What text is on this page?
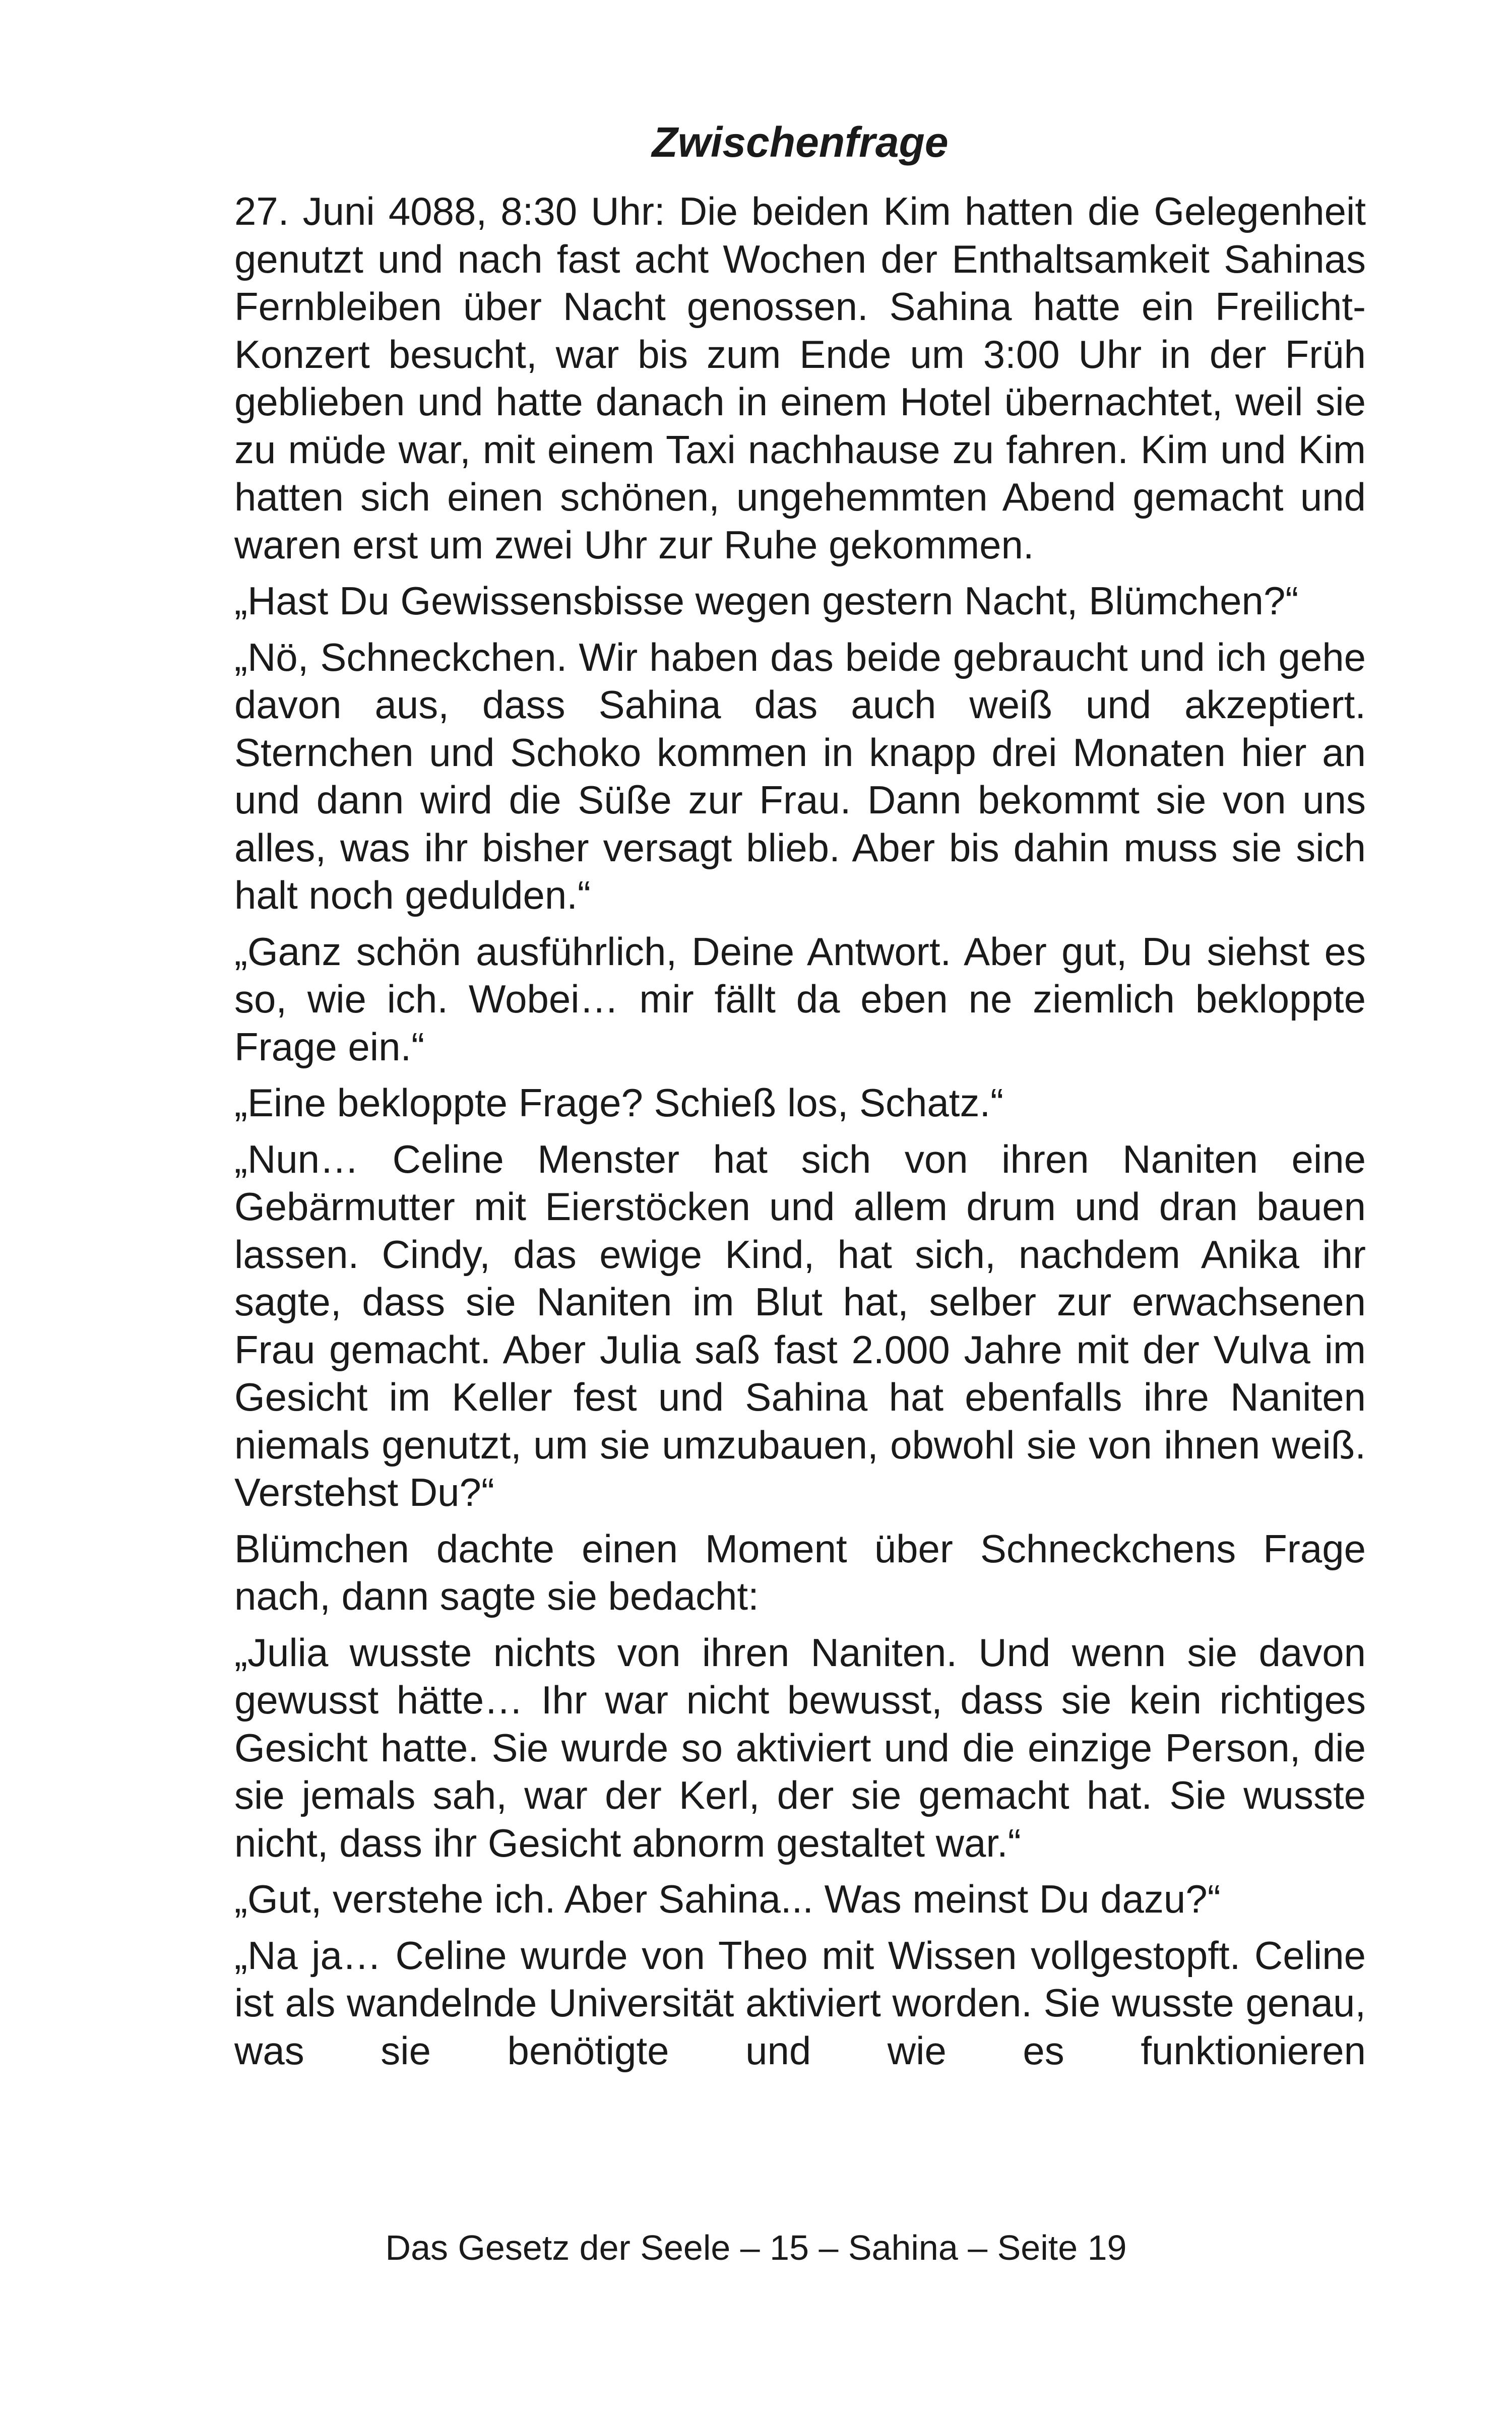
Zwischenfrage

27. Juni 4088, 8:30 Uhr: Die beiden Kim hatten die Gelegenheit genutzt und nach fast acht Wochen der Enthaltsamkeit Sahinas Fernbleiben über Nacht genossen. Sahina hatte ein Freilicht-Konzert besucht, war bis zum Ende um 3:00 Uhr in der Früh geblieben und hatte danach in einem Hotel übernachtet, weil sie zu müde war, mit einem Taxi nachhause zu fahren. Kim und Kim hatten sich einen schönen, ungehemmten Abend gemacht und waren erst um zwei Uhr zur Ruhe gekommen.

„Hast Du Gewissensbisse wegen gestern Nacht, Blümchen?“

„Nö, Schneckchen. Wir haben das beide gebraucht und ich gehe davon aus, dass Sahina das auch weiß und akzeptiert. Sternchen und Schoko kommen in knapp drei Monaten hier an und dann wird die Süße zur Frau. Dann bekommt sie von uns alles, was ihr bisher versagt blieb. Aber bis dahin muss sie sich halt noch gedulden.“

„Ganz schön ausführlich, Deine Antwort. Aber gut, Du siehst es so, wie ich. Wobei… mir fällt da eben ne ziemlich bekloppte Frage ein.“

„Eine bekloppte Frage? Schieß los, Schatz.“

„Nun… Celine Menster hat sich von ihren Naniten eine Gebärmutter mit Eierstöcken und allem drum und dran bauen lassen. Cindy, das ewige Kind, hat sich, nachdem Anika ihr sagte, dass sie Naniten im Blut hat, selber zur erwachsenen Frau gemacht. Aber Julia saß fast 2.000 Jahre mit der Vulva im Gesicht im Keller fest und Sahina hat ebenfalls ihre Naniten niemals genutzt, um sie umzubauen, obwohl sie von ihnen weiß. Verstehst Du?“

Blümchen dachte einen Moment über Schneckchens Frage nach, dann sagte sie bedacht:

„Julia wusste nichts von ihren Naniten. Und wenn sie davon gewusst hätte… Ihr war nicht bewusst, dass sie kein richtiges Gesicht hatte. Sie wurde so aktiviert und die einzige Person, die sie jemals sah, war der Kerl, der sie gemacht hat. Sie wusste nicht, dass ihr Gesicht abnorm gestaltet war.“

„Gut, verstehe ich. Aber Sahina... Was meinst Du dazu?“

„Na ja… Celine wurde von Theo mit Wissen vollgestopft. Celine ist als wandelnde Universität aktiviert worden. Sie wusste genau, was sie benötigte und wie es funktionieren

Das Gesetz der Seele – 15 – Sahina – Seite 19
